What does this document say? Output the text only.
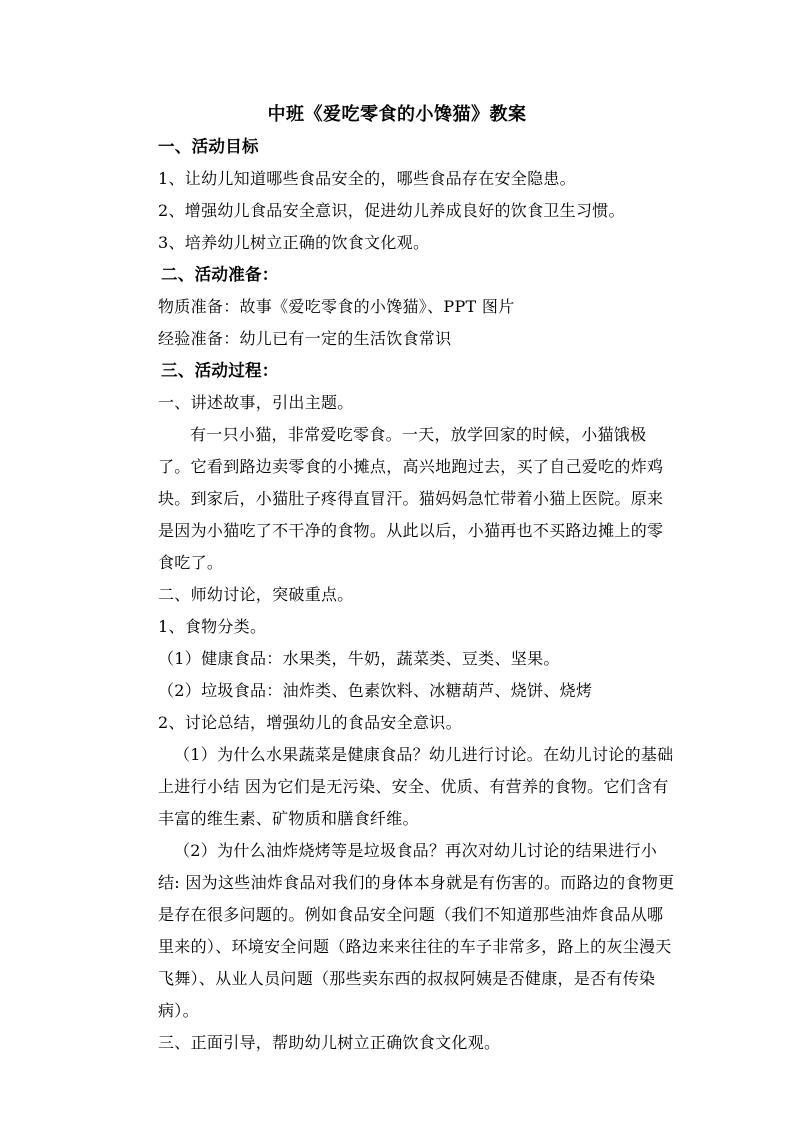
中班《爱吃零食的小馋猫》教案

一、活动目标

1、让幼儿知道哪些食品安全的，哪些食品存在安全隐患。

2、增强幼儿食品安全意识，促进幼儿养成良好的饮食卫生习惯。

3、培养幼儿树立正确的饮食文化观。

二、活动准备：

物质准备：故事《爱吃零食的小馋猫》、PPT 图片

经验准备：幼儿已有一定的生活饮食常识

三、活动过程：

一、讲述故事，引出主题。

有一只小猫，非常爱吃零食。一天，放学回家的时候，小猫饿极了。它看到路边卖零食的小摊点，高兴地跑过去，买了自己爱吃的炸鸡块。到家后，小猫肚子疼得直冒汗。猫妈妈急忙带着小猫上医院。原来是因为小猫吃了不干净的食物。从此以后，小猫再也不买路边摊上的零食吃了。

二、师幼讨论，突破重点。

1、食物分类。

（1）健康食品：水果类，牛奶，蔬菜类、豆类、坚果。

（2）垃圾食品：油炸类、色素饮料、冰糖葫芦、烧饼、烧烤

2、讨论总结，增强幼儿的食品安全意识。

（1）为什么水果蔬菜是健康食品？幼儿进行讨论。在幼儿讨论的基础上进行小结 因为它们是无污染、安全、优质、有营养的食物。它们含有丰富的维生素、矿物质和膳食纤维。

（2）为什么油炸烧烤等是垃圾食品？再次对幼儿讨论的结果进行小结: 因为这些油炸食品对我们的身体本身就是有伤害的。而路边的食物更是存在很多问题的。例如食品安全问题（我们不知道那些油炸食品从哪里来的）、环境安全问题（路边来来往往的车子非常多，路上的灰尘漫天飞舞）、从业人员问题（那些卖东西的叔叔阿姨是否健康，是否有传染病）。

三、正面引导，帮助幼儿树立正确饮食文化观。
